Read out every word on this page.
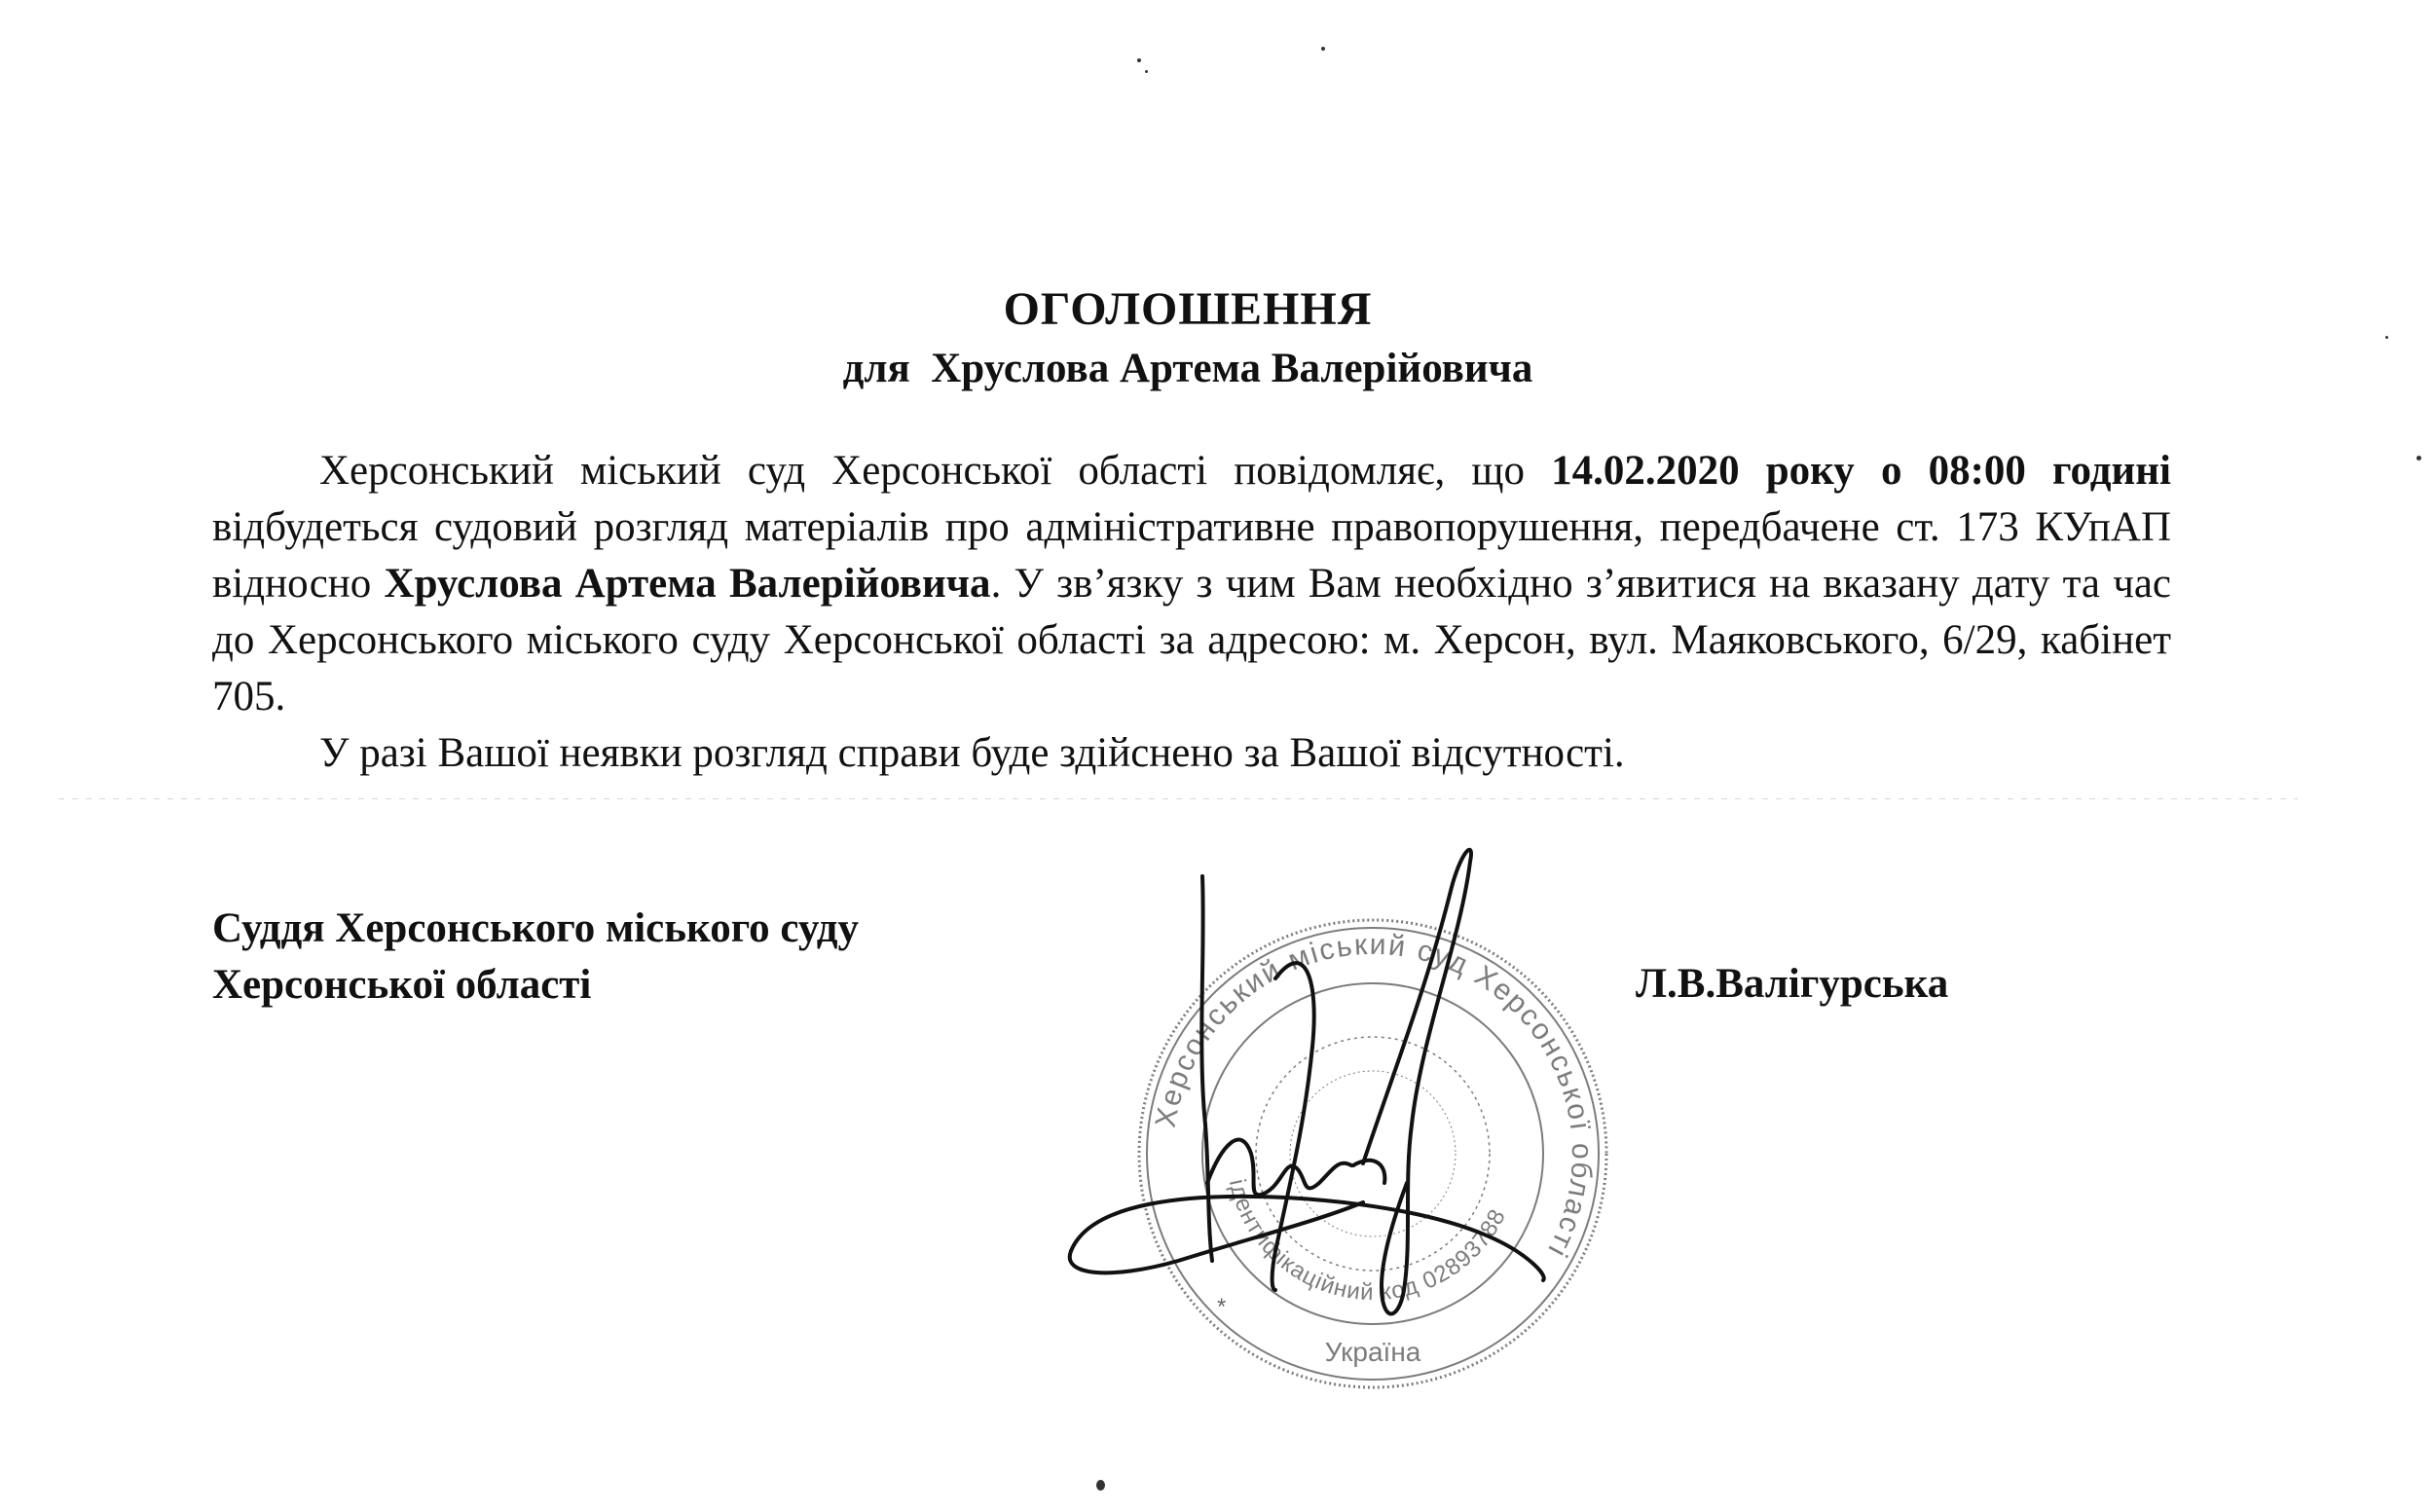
ОГОЛОШЕННЯ
для  Хруслова Артема Валерійовича

Херсонський міський суд Херсонської області повідомляє, що 14.02.2020 року о 08:00 годині відбудеться судовий розгляд матеріалів про адміністративне правопорушення, передбачене ст. 173 КУпАП відносно Хруслова Артема Валерійовича. У зв’язку з чим Вам необхідно з’явитися на вказану дату та час до Херсонського міського суду Херсонської області за адресою: м. Херсон, вул. Маяковського, 6/29, кабінет 705.

У разі Вашої неявки розгляд справи буде здійснено за Вашої відсутності.

Суддя Херсонського міського суду
Херсонської області	Л.В.Валігурська
Херсонський міський суд Херсонської області
ідентифікаційний код 02893788
Україна
*
